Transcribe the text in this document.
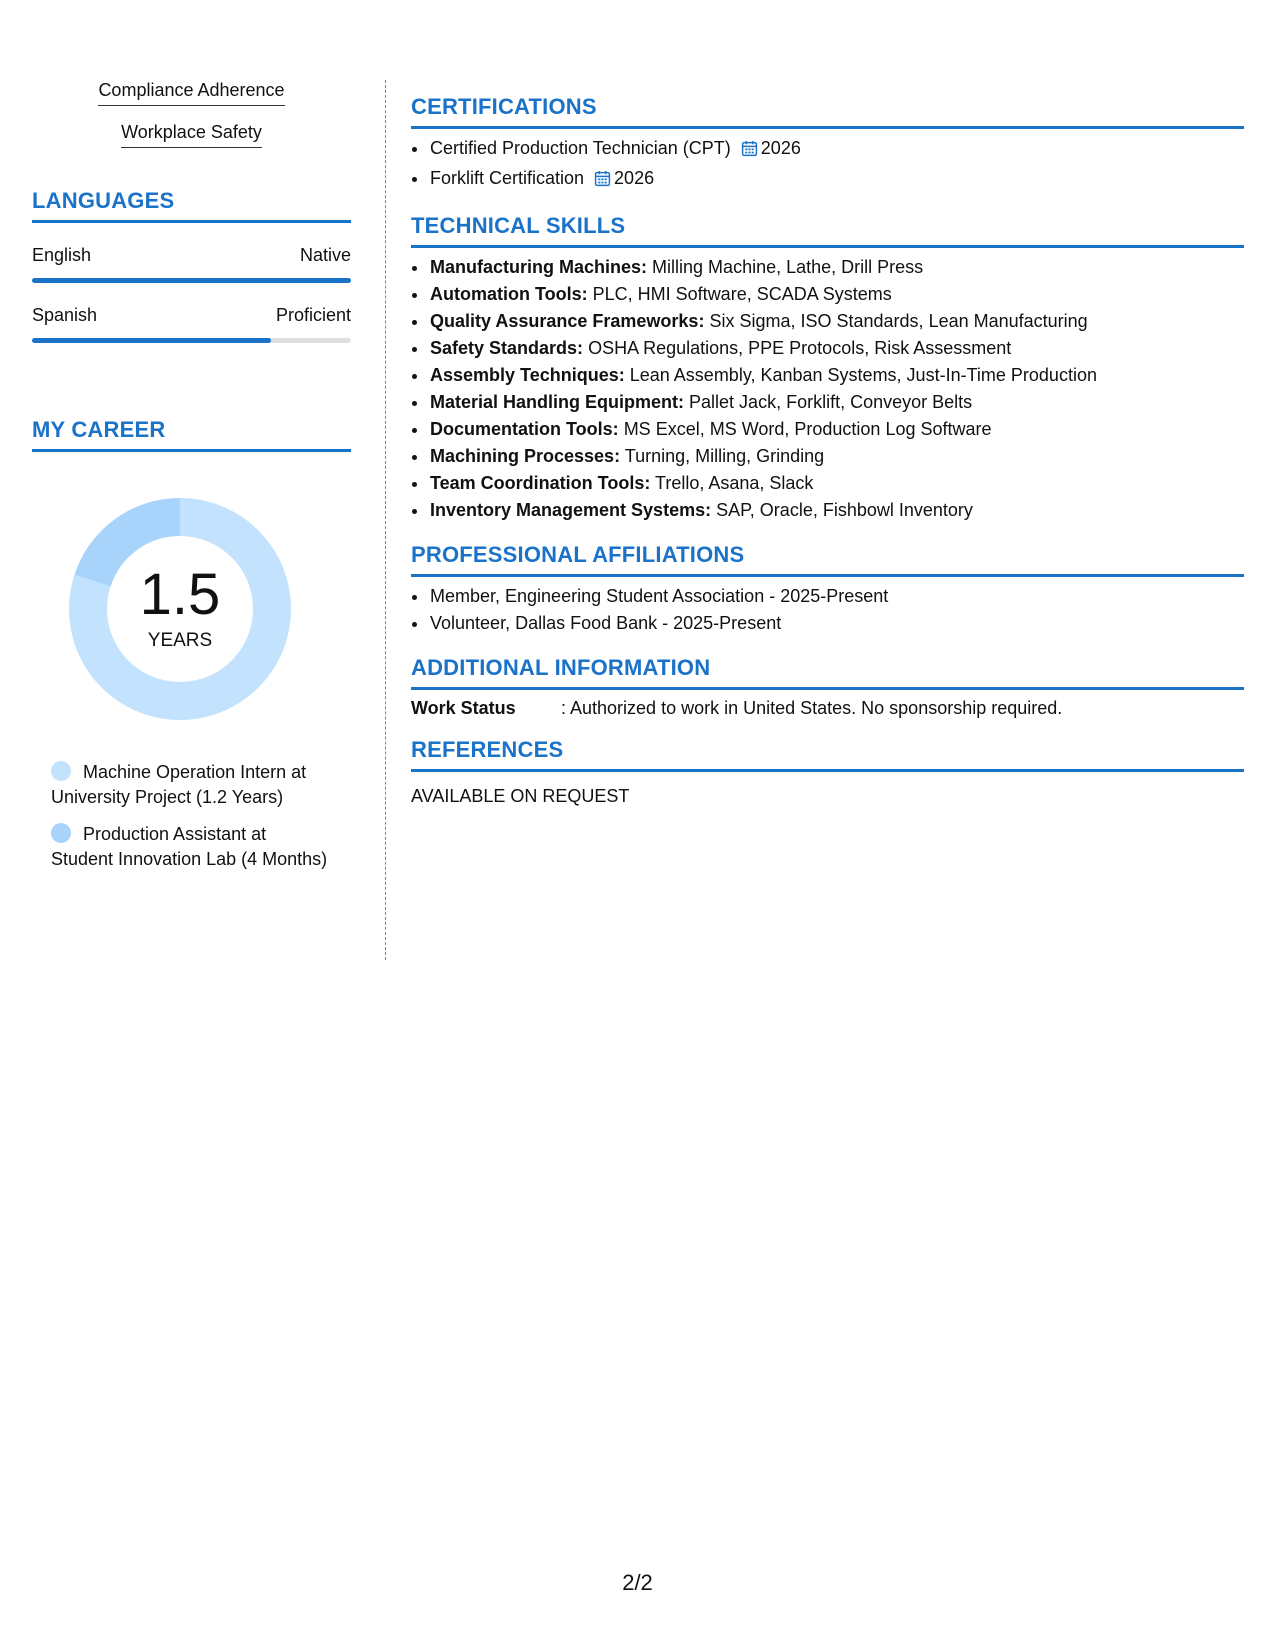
Compliance Adherence
Workplace Safety
LANGUAGES
English	Native
Spanish	Proficient
MY CAREER
1.5
YEARS
Machine Operation Intern at University Project (1.2 Years)
Production Assistant at Student Innovation Lab (4 Months)
CERTIFICATIONS
• Certified Production Technician (CPT) 2026
• Forklift Certification 2026
TECHNICAL SKILLS
• Manufacturing Machines: Milling Machine, Lathe, Drill Press
• Automation Tools: PLC, HMI Software, SCADA Systems
• Quality Assurance Frameworks: Six Sigma, ISO Standards, Lean Manufacturing
• Safety Standards: OSHA Regulations, PPE Protocols, Risk Assessment
• Assembly Techniques: Lean Assembly, Kanban Systems, Just-In-Time Production
• Material Handling Equipment: Pallet Jack, Forklift, Conveyor Belts
• Documentation Tools: MS Excel, MS Word, Production Log Software
• Machining Processes: Turning, Milling, Grinding
• Team Coordination Tools: Trello, Asana, Slack
• Inventory Management Systems: SAP, Oracle, Fishbowl Inventory
PROFESSIONAL AFFILIATIONS
• Member, Engineering Student Association - 2025-Present
• Volunteer, Dallas Food Bank - 2025-Present
ADDITIONAL INFORMATION
Work Status	: Authorized to work in United States. No sponsorship required.
REFERENCES
AVAILABLE ON REQUEST
2/2
